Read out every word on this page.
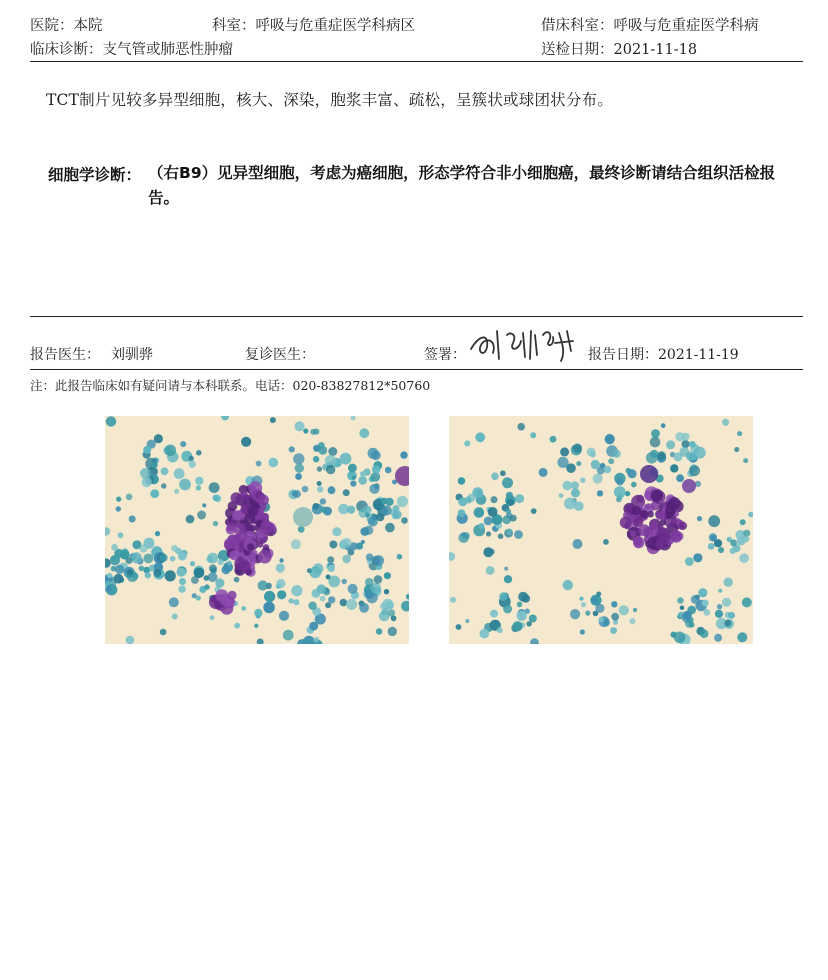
医院：本院	科室：呼吸与危重症医学科病区	借床科室：呼吸与危重症医学科病
临床诊断：支气管或肺恶性肿瘤	送检日期：2021-11-18
TCT制片见较多异型细胞，核大、深染，胞浆丰富、疏松，呈簇状或球团状分布。
细胞学诊断： （右B9）见异型细胞，考虑为癌细胞，形态学符合非小细胞癌，最终诊断请结合组织活检报告。
报告医生： 刘驯骅	复诊医生：	签署：	报告日期：2021-11-19
注：此报告临床如有疑问请与本科联系。电话：020-83827812*50760
